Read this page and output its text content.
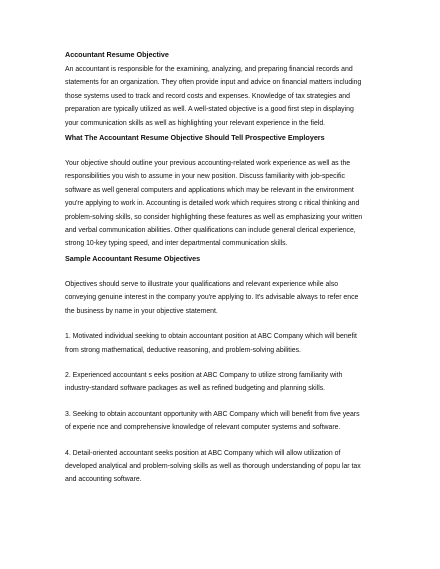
Accountant Resume Objective
An accountant is responsible for the examining, analyzing, and preparing financial records and
statements for an organization. They often provide input and advice on financial matters including
those systems used to track and record costs and expenses. Knowledge of tax strategies and
preparation are typically utilized as well. A well-stated objective is a good first step in displaying
your communication skills as well as highlighting your relevant experience in the field.
What The Accountant Resume Objective Should Tell Prospective Employers
Your objective should outline your previous accounting-related work experience as well as the
responsibilities you wish to assume in your new position. Discuss familiarity with job-specific
software as well general computers and applications which may be relevant in the environment
you're applying to work in. Accounting is detailed work which requires strong c ritical thinking and
problem-solving skills, so consider highlighting these features as well as emphasizing your written
and verbal communication abilities. Other qualifications can include general clerical experience,
strong 10-key typing speed, and inter departmental communication skills.
Sample Accountant Resume Objectives
Objectives should serve to illustrate your qualifications and relevant experience while also
conveying genuine interest in the company you're applying to. It's advisable always to refer ence
the business by name in your objective statement.
1. Motivated individual seeking to obtain accountant position at ABC Company which will benefit
from strong mathematical, deductive reasoning, and problem-solving abilities.
2. Experienced accountant s eeks position at ABC Company to utilize strong familiarity with
industry-standard software packages as well as refined budgeting and planning skills.
3. Seeking to obtain accountant opportunity with ABC Company which will benefit from five years
of experie nce and comprehensive knowledge of relevant computer systems and software.
4. Detail-oriented accountant seeks position at ABC Company which will allow utilization of
developed analytical and problem-solving skills as well as thorough understanding of popu lar tax
and accounting software.
